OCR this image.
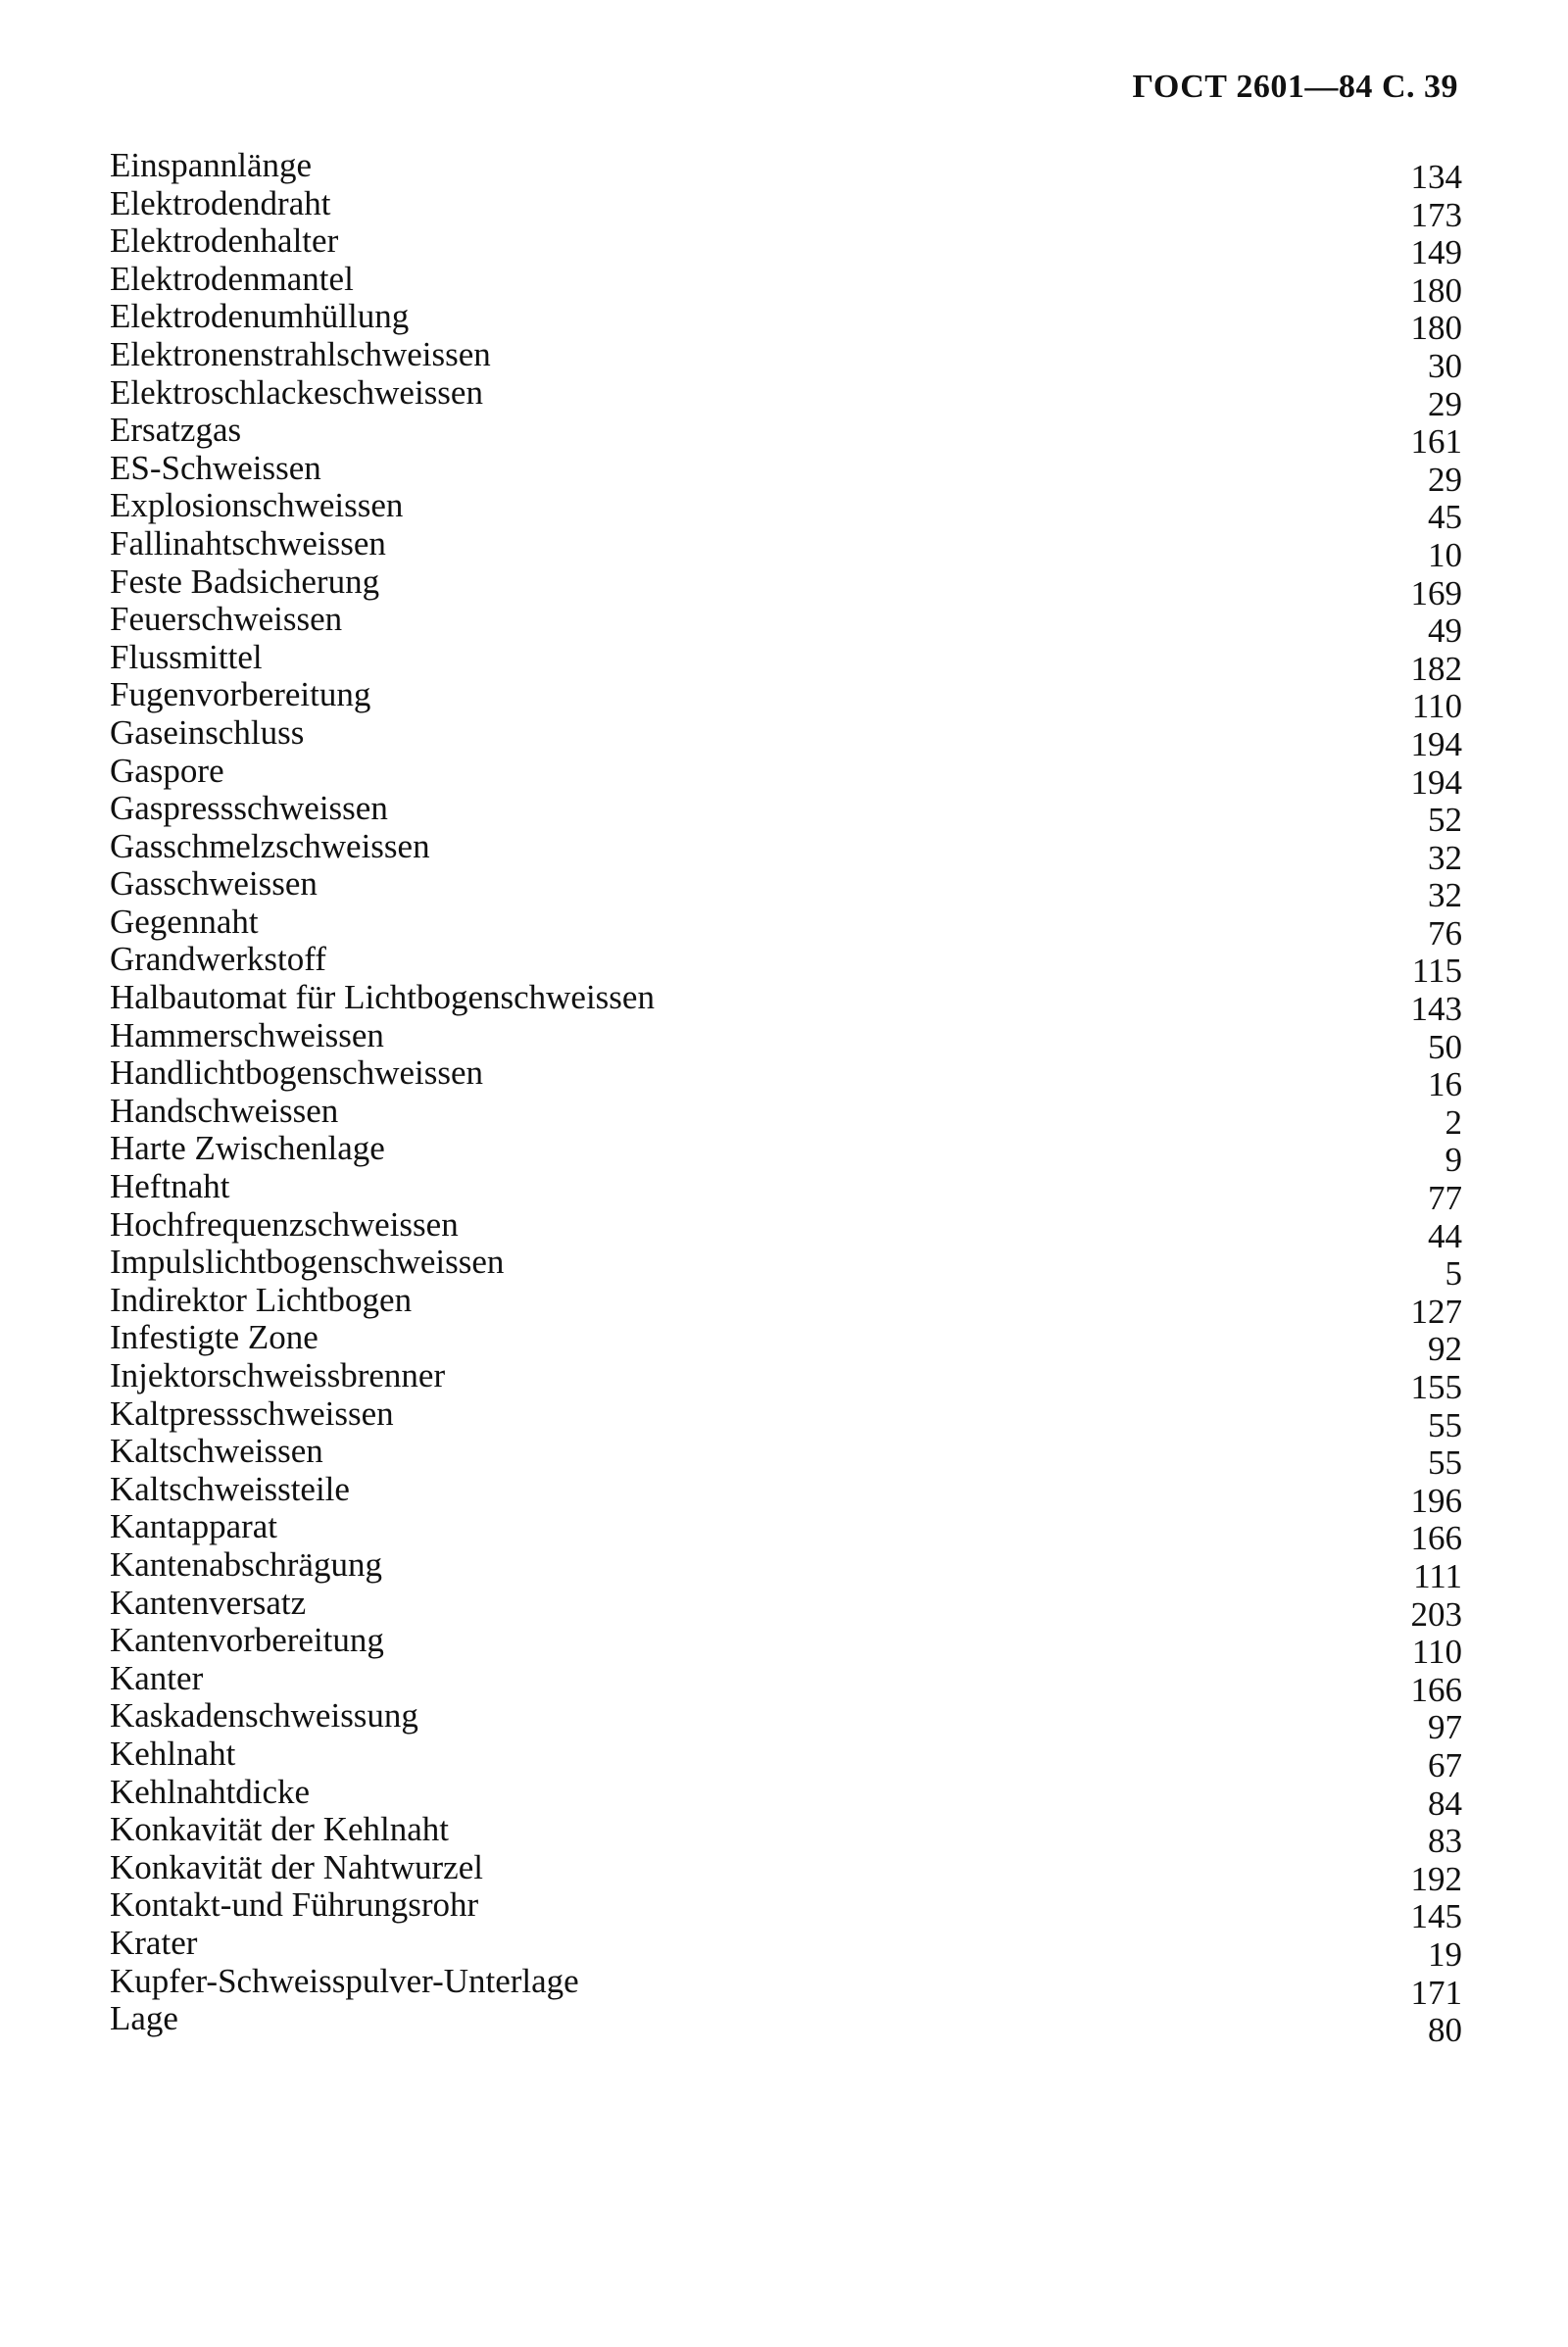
ГОСТ 2601—84 С. 39
Einspannlänge	134
Elektrodendraht	173
Elektrodenhalter	149
Elektrodenmantel	180
Elektrodenumhüllung	180
Elektronenstrahlschweissen	30
Elektroschlackeschweissen	29
Ersatzgas	161
ES-Schweissen	29
Explosionschweissen	45
Fallinahtschweissen	10
Feste Badsicherung	169
Feuerschweissen	49
Flussmittel	182
Fugenvorbereitung	110
Gaseinschluss	194
Gaspore	194
Gaspressschweissen	52
Gasschmelzschweissen	32
Gasschweissen	32
Gegennaht	76
Grandwerkstoff	115
Halbautomat für Lichtbogenschweissen	143
Hammerschweissen	50
Handlichtbogenschweissen	16
Handschweissen	2
Harte Zwischenlage	9
Heftnaht	77
Hochfrequenzschweissen	44
Impulslichtbogenschweissen	5
Indirektor Lichtbogen	127
Infestigte Zone	92
Injektorschweissbrenner	155
Kaltpressschweissen	55
Kaltschweissen	55
Kaltschweissteile	196
Kantapparat	166
Kantenabschrägung	111
Kantenversatz	203
Kantenvorbereitung	110
Kanter	166
Kaskadenschweissung	97
Kehlnaht	67
Kehlnahtdicke	84
Konkavität der Kehlnaht	83
Konkavität der Nahtwurzel	192
Kontakt-und Führungsrohr	145
Krater	19
Kupfer-Schweisspulver-Unterlage	171
Lage	80
